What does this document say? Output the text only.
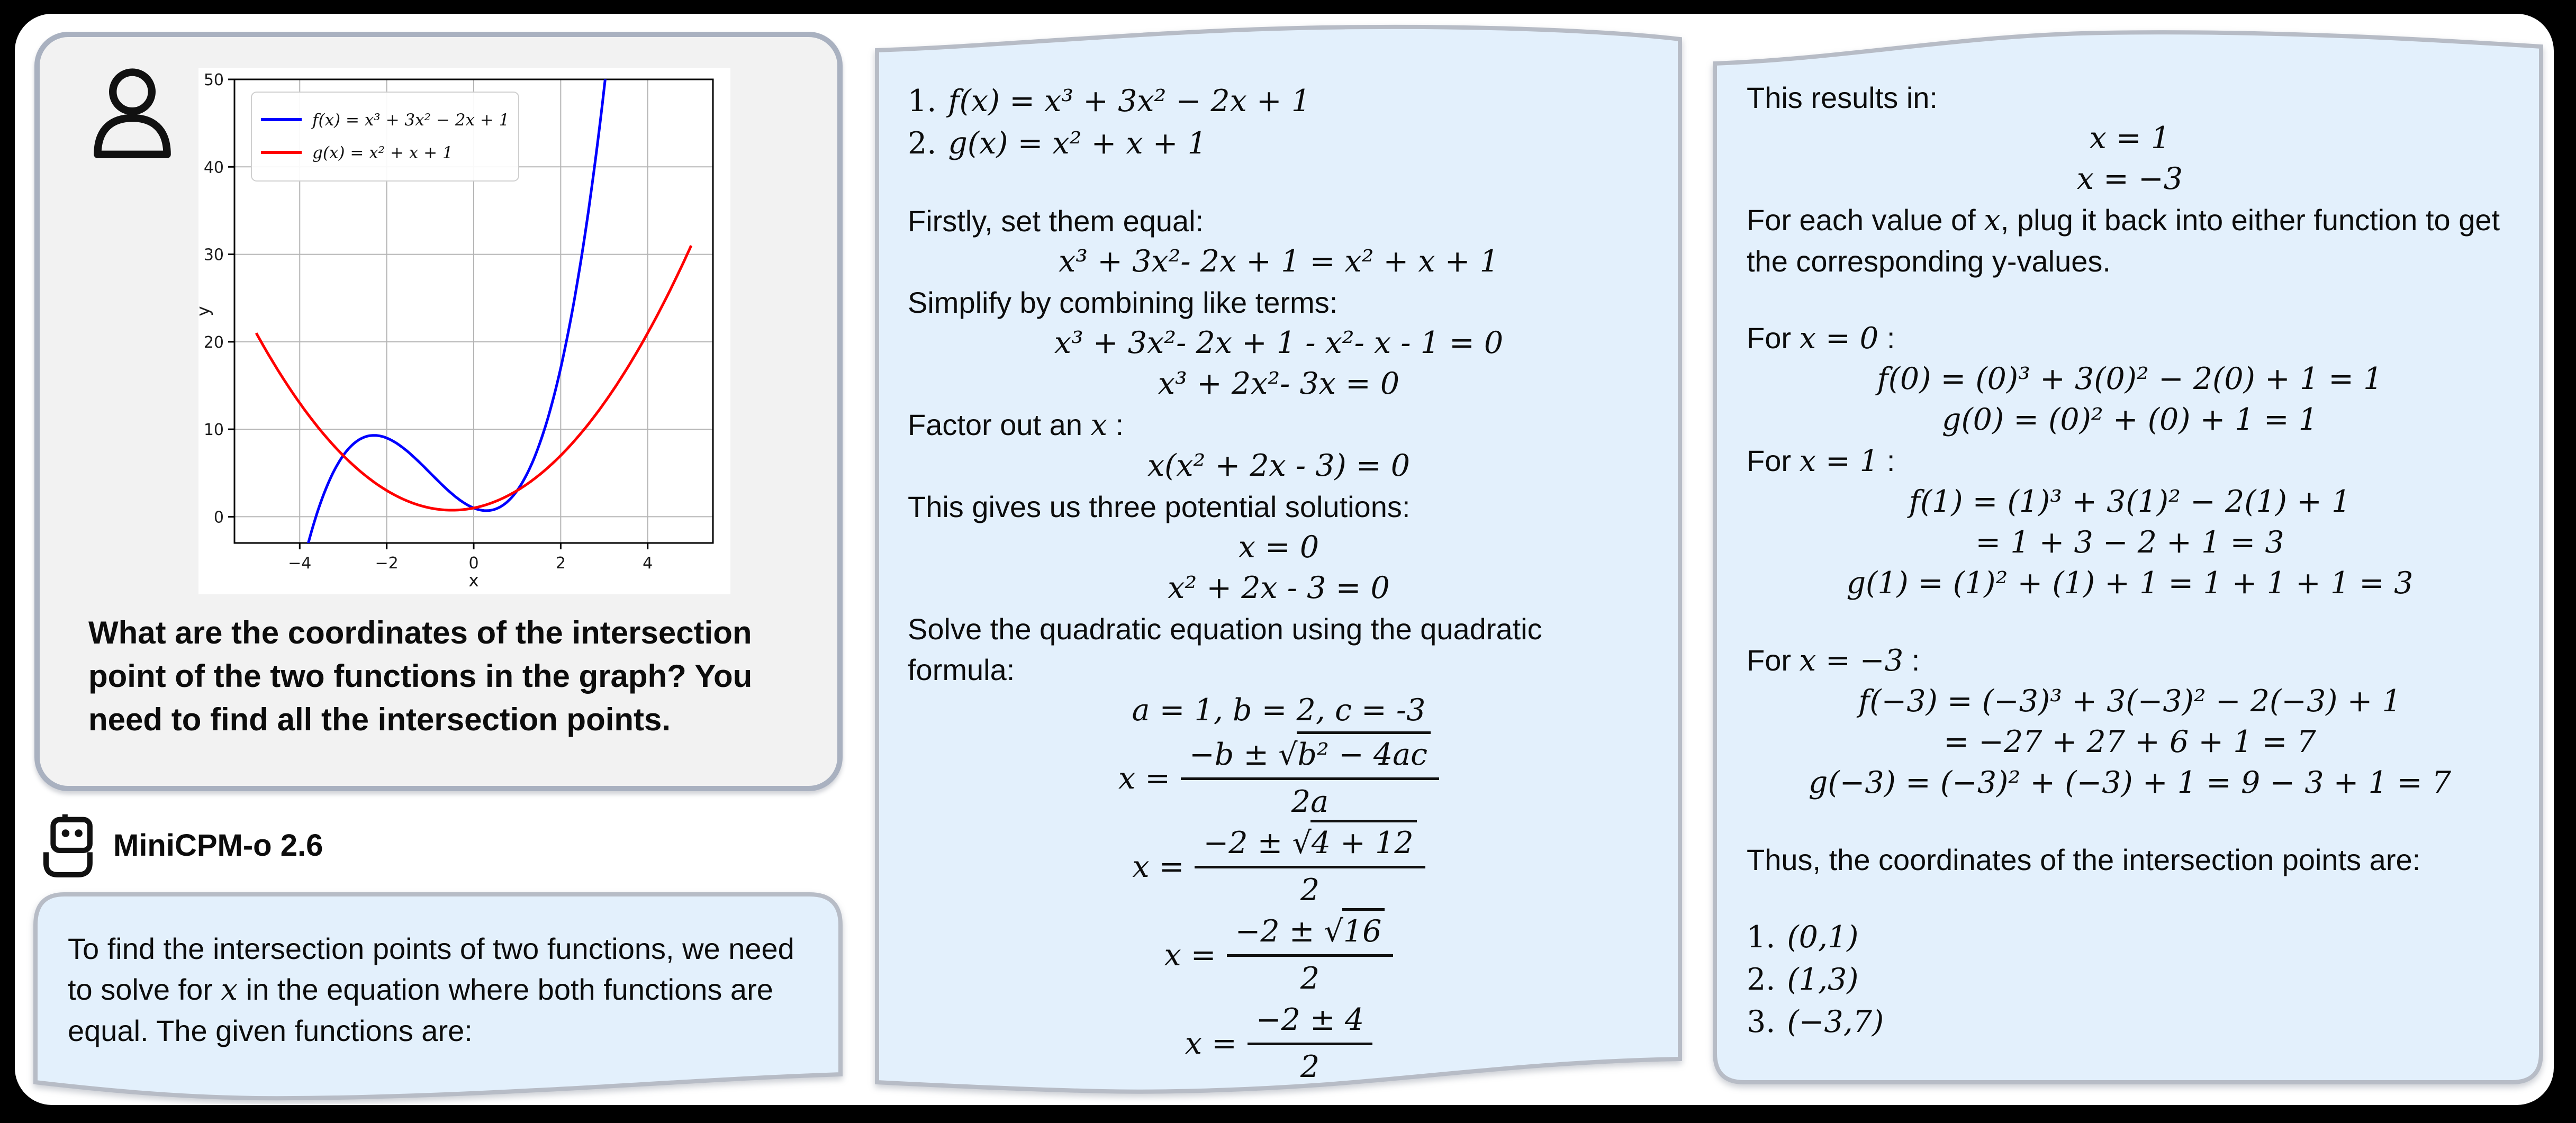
−4	−2	0	2	4
0
10
20
30
40
50
x
y
f(x) = x³ + 3x² − 2x + 1
g(x) = x² + x + 1
What are the coordinates of the intersection point of the two functions in the graph? You need to find all the intersection points.
MiniCPM-o 2.6
To find the intersection points of two functions, we need to solve for x in the equation where both functions are equal. The given functions are:
1. f(x) = x³ + 3x² − 2x + 1
2. g(x) = x² + x + 1
Firstly, set them equal:
x³ + 3x²- 2x + 1 = x² + x + 1
Simplify by combining like terms:
x³ + 3x²- 2x + 1 - x²- x - 1 = 0
x³ + 2x²- 3x = 0
Factor out an x :
x(x² + 2x - 3) = 0
This gives us three potential solutions:
x = 0
x² + 2x - 3 = 0
Solve the quadratic equation using the quadratic formula:
a = 1, b = 2, c = -3
$x = \frac{\text{−b ± √b² − 4ac}}{2a}$
$x = \frac{-2 \pm √4 + 12}{2}$
$x = \frac{-2 \pm √16}{2}$
$x = \frac{-2 \pm 4}{2}$
This results in:
x = 1
x = −3
For each value of x, plug it back into either function to get the corresponding y-values.
For x = 0 :
f(0) = (0)³ + 3(0)² − 2(0) + 1 = 1
g(0) = (0)² + (0) + 1 = 1
For x = 1 :
f(1) = (1)³ + 3(1)² − 2(1) + 1
= 1 + 3 − 2 + 1 = 3
g(1) = (1)² + (1) + 1 = 1 + 1 + 1 = 3
For x = −3 :
f(−3) = (−3)³ + 3(−3)² − 2(−3) + 1
= −27 + 27 + 6 + 1 = 7
g(−3) = (−3)² + (−3) + 1 = 9 − 3 + 1 = 7
Thus, the coordinates of the intersection points are:
1. (0,1)
2. (1,3)
3. (−3,7)
